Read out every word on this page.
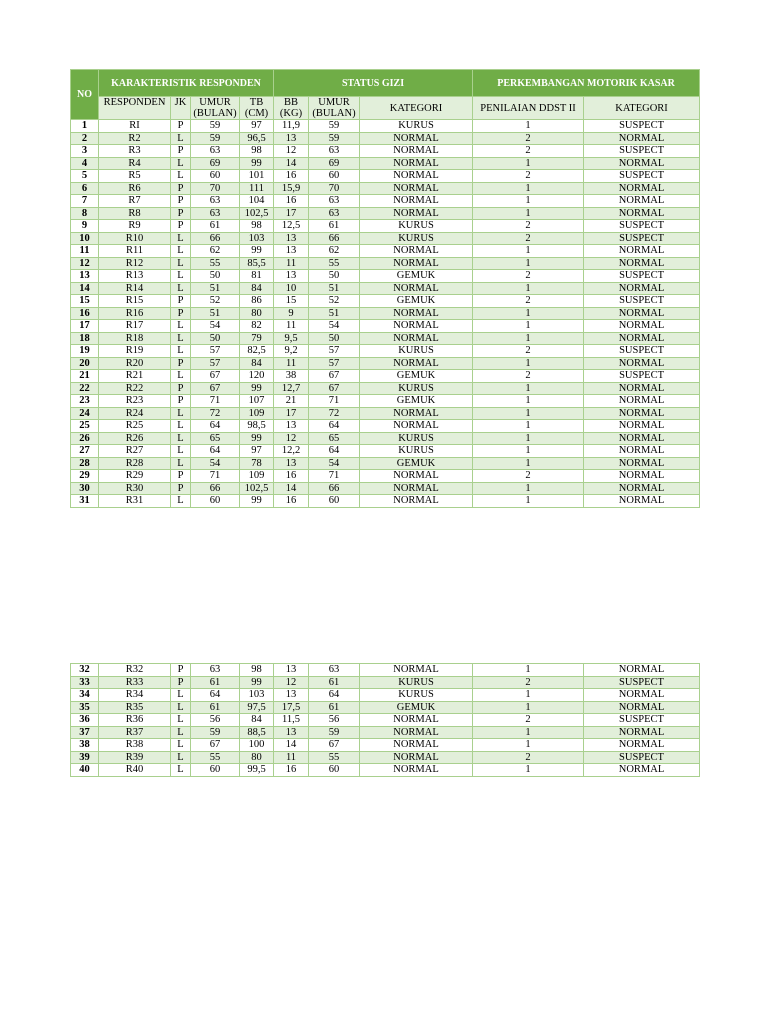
NO	KARAKTERISTIK RESPONDEN				STATUS GIZI			PERKEMBANGAN MOTORIK KASAR	
	RESPONDEN	JK	UMUR (BULAN)	TB (CM)	BB (KG)	UMUR (BULAN)	KATEGORI	PENILAIAN DDST II	KATEGORI
1	RI	P	59	97	11,9	59	KURUS	1	SUSPECT
2	R2	L	59	96,5	13	59	NORMAL	2	NORMAL
3	R3	P	63	98	12	63	NORMAL	2	SUSPECT
4	R4	L	69	99	14	69	NORMAL	1	NORMAL
5	R5	L	60	101	16	60	NORMAL	2	SUSPECT
6	R6	P	70	111	15,9	70	NORMAL	1	NORMAL
7	R7	P	63	104	16	63	NORMAL	1	NORMAL
8	R8	P	63	102,5	17	63	NORMAL	1	NORMAL
9	R9	P	61	98	12,5	61	KURUS	2	SUSPECT
10	R10	L	66	103	13	66	KURUS	2	SUSPECT
11	R11	L	62	99	13	62	NORMAL	1	NORMAL
12	R12	L	55	85,5	11	55	NORMAL	1	NORMAL
13	R13	L	50	81	13	50	GEMUK	2	SUSPECT
14	R14	L	51	84	10	51	NORMAL	1	NORMAL
15	R15	P	52	86	15	52	GEMUK	2	SUSPECT
16	R16	P	51	80	9	51	NORMAL	1	NORMAL
17	R17	L	54	82	11	54	NORMAL	1	NORMAL
18	R18	L	50	79	9,5	50	NORMAL	1	NORMAL
19	R19	L	57	82,5	9,2	57	KURUS	2	SUSPECT
20	R20	P	57	84	11	57	NORMAL	1	NORMAL
21	R21	L	67	120	38	67	GEMUK	2	SUSPECT
22	R22	P	67	99	12,7	67	KURUS	1	NORMAL
23	R23	P	71	107	21	71	GEMUK	1	NORMAL
24	R24	L	72	109	17	72	NORMAL	1	NORMAL
25	R25	L	64	98,5	13	64	NORMAL	1	NORMAL
26	R26	L	65	99	12	65	KURUS	1	NORMAL
27	R27	L	64	97	12,2	64	KURUS	1	NORMAL
28	R28	L	54	78	13	54	GEMUK	1	NORMAL
29	R29	P	71	109	16	71	NORMAL	2	NORMAL
30	R30	P	66	102,5	14	66	NORMAL	1	NORMAL
31	R31	L	60	99	16	60	NORMAL	1	NORMAL
32	R32	P	63	98	13	63	NORMAL	1	NORMAL
33	R33	P	61	99	12	61	KURUS	2	SUSPECT
34	R34	L	64	103	13	64	KURUS	1	NORMAL
35	R35	L	61	97,5	17,5	61	GEMUK	1	NORMAL
36	R36	L	56	84	11,5	56	NORMAL	2	SUSPECT
37	R37	L	59	88,5	13	59	NORMAL	1	NORMAL
38	R38	L	67	100	14	67	NORMAL	1	NORMAL
39	R39	L	55	80	11	55	NORMAL	2	SUSPECT
40	R40	L	60	99,5	16	60	NORMAL	1	NORMAL
